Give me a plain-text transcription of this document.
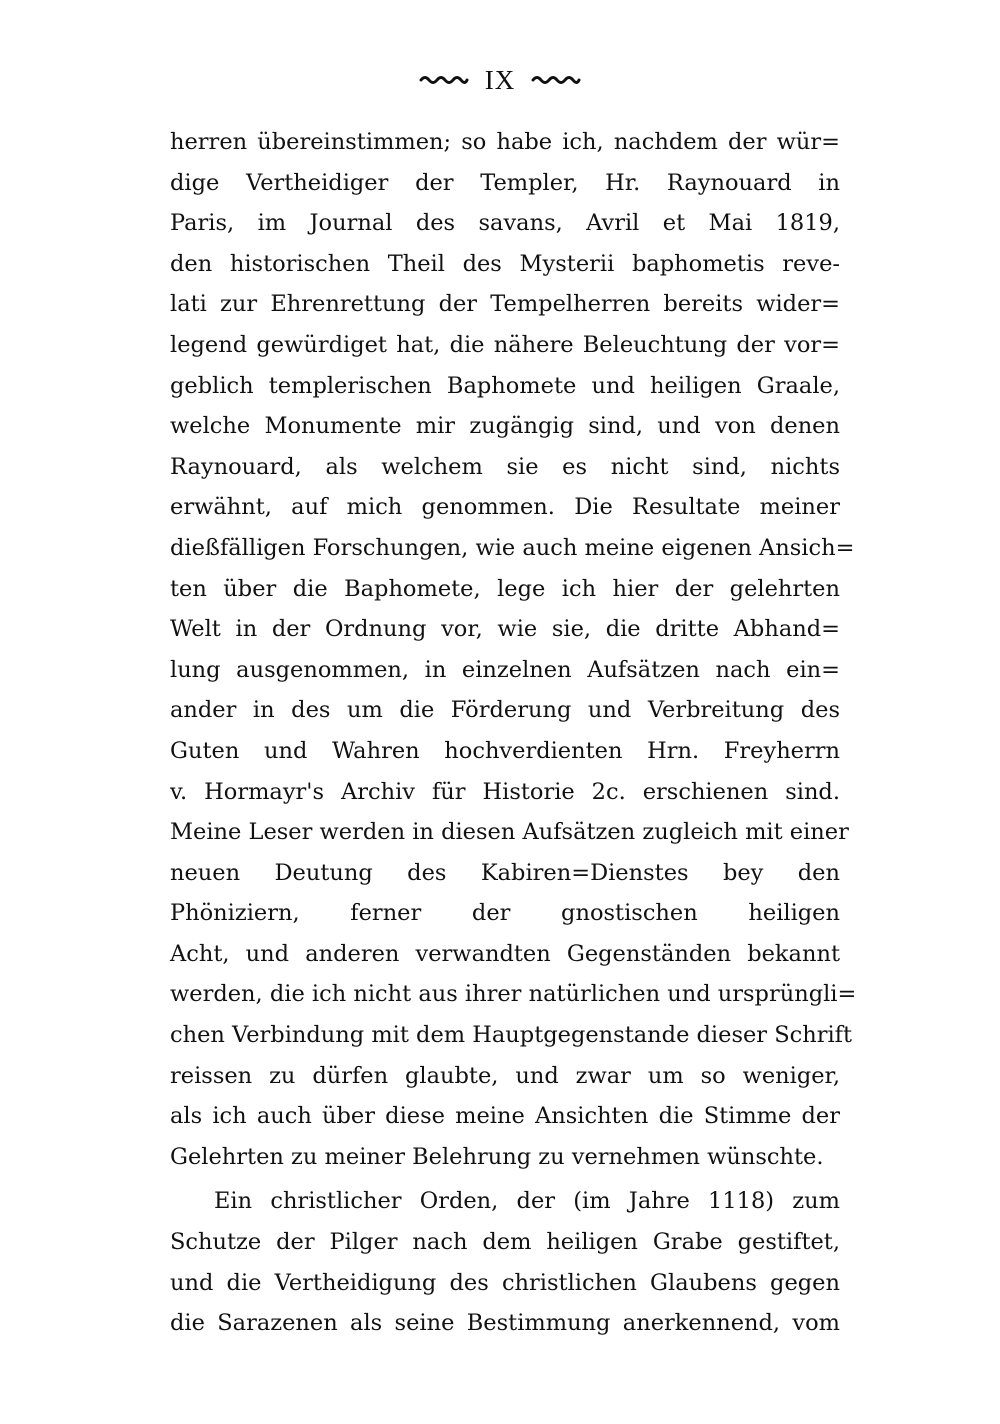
IX
herren übereinstimmen; so habe ich, nachdem der wür=
dige Vertheidiger der Templer, Hr. Raynouard in
Paris, im Journal des savans, Avril et Mai 1819,
den historischen Theil des Mysterii baphometis reve-
lati zur Ehrenrettung der Tempelherren bereits wider=
legend gewürdiget hat, die nähere Beleuchtung der vor=
geblich templerischen Baphomete und heiligen Graale,
welche Monumente mir zugängig sind, und von denen
Raynouard, als welchem sie es nicht sind, nichts
erwähnt, auf mich genommen. Die Resultate meiner
dießfälligen Forschungen, wie auch meine eigenen Ansich=
ten über die Baphomete, lege ich hier der gelehrten
Welt in der Ordnung vor, wie sie, die dritte Abhand=
lung ausgenommen, in einzelnen Aufsätzen nach ein=
ander in des um die Förderung und Verbreitung des
Guten und Wahren hochverdienten Hrn. Freyherrn
v. Hormayr's Archiv für Historie 2c. erschienen sind.
Meine Leser werden in diesen Aufsätzen zugleich mit einer
neuen Deutung des Kabiren=Dienstes bey den
Phöniziern, ferner der gnostischen heiligen
Acht, und anderen verwandten Gegenständen bekannt
werden, die ich nicht aus ihrer natürlichen und ursprüngli=
chen Verbindung mit dem Hauptgegenstande dieser Schrift
reissen zu dürfen glaubte, und zwar um so weniger,
als ich auch über diese meine Ansichten die Stimme der
Gelehrten zu meiner Belehrung zu vernehmen wünschte.
Ein christlicher Orden, der (im Jahre 1118) zum
Schutze der Pilger nach dem heiligen Grabe gestiftet,
und die Vertheidigung des christlichen Glaubens gegen
die Sarazenen als seine Bestimmung anerkennend, vom
